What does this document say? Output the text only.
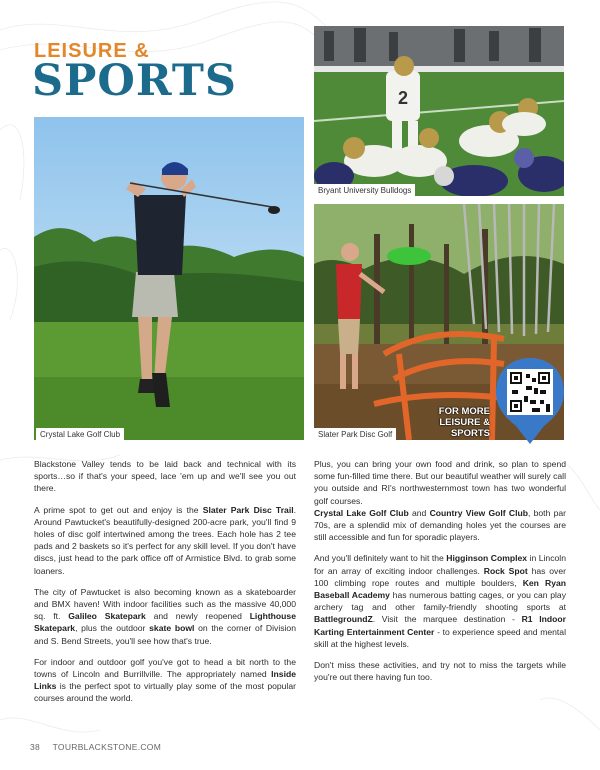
LEISURE &
SPORTS
Crystal Lake Golf Club
2
Bryant University Bulldogs
Slater Park Disc Golf
FOR MORE
LEISURE & SPORTS

Blackstone Valley tends to be laid back and technical with its sports…so if that's your speed, lace 'em up and we'll see you out there.

A prime spot to get out and enjoy is the Slater Park Disc Trail. Around Pawtucket's beautifully-designed 200-acre park, you'll find 9 holes of disc golf intertwined among the trees. Each hole has 2 tee pads and 2 baskets so it's perfect for any skill level. If you don't have discs, just head to the park office off of Armistice Blvd. to grab some loaners.

The city of Pawtucket is also becoming known as a skateboarder and BMX haven! With indoor facilities such as the massive 40,000 sq. ft. Galileo Skatepark and newly reopened Lighthouse Skatepark, plus the outdoor skate bowl on the corner of Division and S. Bend Streets, you'll see how that's true.

For indoor and outdoor golf you've got to head a bit north to the towns of Lincoln and Burrillville. The appropriately named Inside Links is the perfect spot to virtually play some of the most popular courses around the world.

Plus, you can bring your own food and drink, so plan to spend some fun-filled time there. But our beautiful weather will surely call you outside and RI's northwesternmost town has two wonderful golf courses.

Crystal Lake Golf Club and Country View Golf Club, both par 70s, are a splendid mix of demanding holes yet the courses are still accessible and fun for sporadic players.

And you'll definitely want to hit the Higginson Complex in Lincoln for an array of exciting indoor challenges. Rock Spot has over 100 climbing rope routes and multiple boulders, Ken Ryan Baseball Academy has numerous batting cages, or you can play archery tag and other family-friendly shooting sports at BattlegroundZ. Visit the marquee destination - R1 Indoor Karting Entertainment Center - to experience speed and mental skill at the highest levels.

Don't miss these activities, and try not to miss the targets while you're out there having fun too.

38 TOURBLACKSTONE.COM
